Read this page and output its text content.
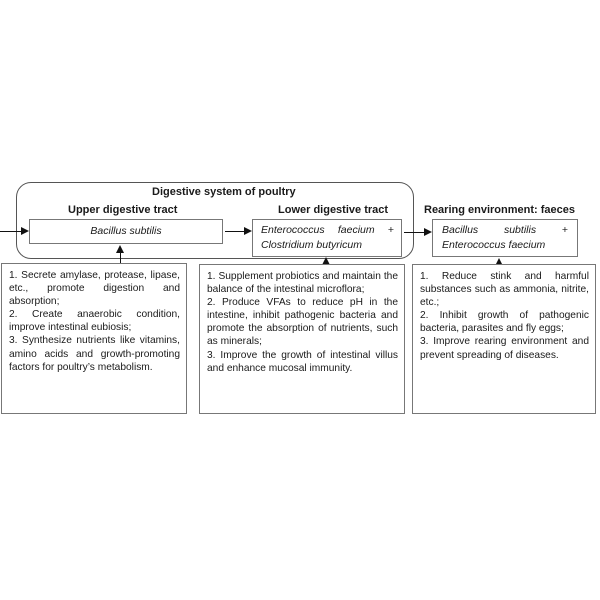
Digestive system of poultry
Upper digestive tract	Lower digestive tract	Rearing environment: faeces
Bacillus subtilis	Enterococcus faecium +
Clostridium butyricum
Bacillus subtilis +
Enterococcus faecium

1. Secrete amylase, protease, lipase, etc., promote digestion and absorption;

2. Create anaerobic condition, improve intestinal eubiosis;

3. Synthesize nutrients like vitamins, amino acids and growth-promoting factors for poultry’s metabolism.

1. Supplement probiotics and maintain the balance of the intestinal microflora;

2. Produce VFAs to reduce pH in the intestine, inhibit pathogenic bacteria and promote the absorption of nutrients, such as minerals;

3. Improve the growth of intestinal villus and enhance mucosal immunity.

1. Reduce stink and harmful substances such as ammonia, nitrite, etc.;

2. Inhibit growth of pathogenic bacteria, parasites and fly eggs;

3. Improve rearing environment and prevent spreading of diseases.
